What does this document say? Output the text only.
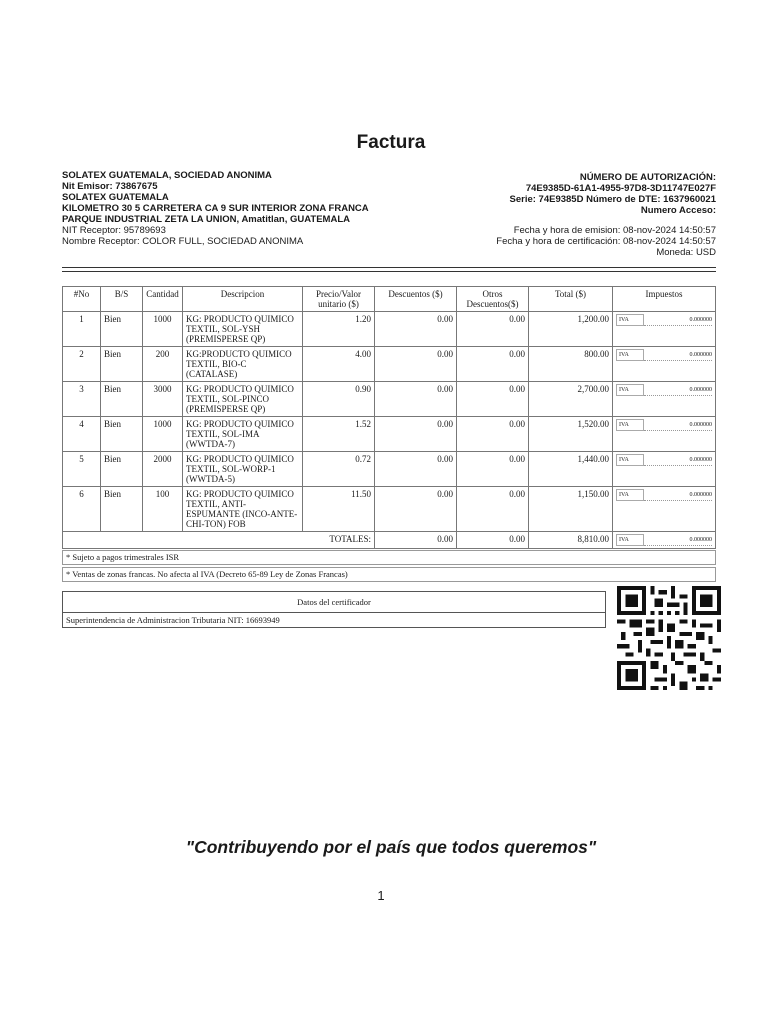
Factura
SOLATEX GUATEMALA, SOCIEDAD ANONIMA
Nit Emisor: 73867675
SOLATEX GUATEMALA
KILOMETRO 30 5 CARRETERA CA 9 SUR INTERIOR ZONA FRANCA
PARQUE INDUSTRIAL ZETA LA UNION, Amatitlan, GUATEMALA
NIT Receptor: 95789693
Nombre Receptor: COLOR FULL, SOCIEDAD ANONIMA
NÚMERO DE AUTORIZACIÓN:
74E9385D-61A1-4955-97D8-3D11747E027F
Serie: 74E9385D Número de DTE: 1637960021
Numero Acceso:
Fecha y hora de emision: 08-nov-2024 14:50:57
Fecha y hora de certificación: 08-nov-2024 14:50:57
Moneda: USD
#No	B/S	Cantidad	Descripcion	Precio/Valor unitario ($)	Descuentos ($)	Otros Descuentos($)	Total ($)	Impuestos
1	Bien	1000	KG: PRODUCTO QUIMICO TEXTIL, SOL-YSH (PREMISPERSE QP)	1.20	0.00	0.00	1,200.00	IVA 0.000000

2	Bien	200	KG:PRODUCTO QUIMICO TEXTIL, BIO-C (CATALASE)	4.00	0.00	0.00	800.00	IVA 0.000000

3	Bien	3000	KG: PRODUCTO QUIMICO TEXTIL, SOL-PINCO (PREMISPERSE QP)	0.90	0.00	0.00	2,700.00	IVA 0.000000

4	Bien	1000	KG: PRODUCTO QUIMICO TEXTIL, SOL-IMA (WWTDA-7)	1.52	0.00	0.00	1,520.00	IVA 0.000000

5	Bien	2000	KG: PRODUCTO QUIMICO TEXTIL, SOL-WORP-1 (WWTDA-5)	0.72	0.00	0.00	1,440.00	IVA 0.000000

6	Bien	100	KG: PRODUCTO QUIMICO TEXTIL, ANTI-ESPUMANTE (INCO-ANTE-CHI-TON) FOB	11.50	0.00	0.00	1,150.00	IVA 0.000000

TOTALES:					0.00	0.00	8,810.00	IVA 0.000000
* Sujeto a pagos trimestrales ISR
* Ventas de zonas francas. No afecta al IVA (Decreto 65-89 Ley de Zonas Francas)
Datos del certificador
Superintendencia de Administracion Tributaria NIT: 16693949
"Contribuyendo por el país que todos queremos"
1
